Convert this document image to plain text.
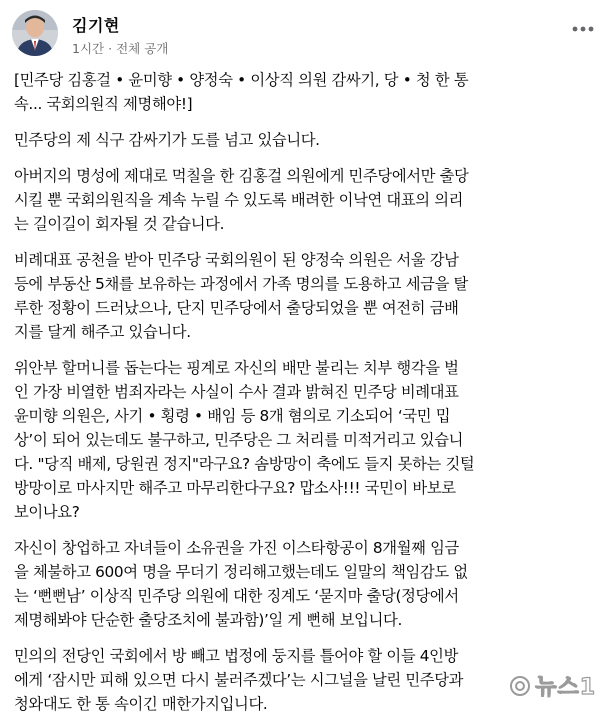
김기현
1시간 · 전체 공개

[민주당 김홍걸 • 윤미향 • 양정숙 • 이상직 의원 감싸기, 당 • 청 한 통
속... 국회의원직 제명해야!]

민주당의 제 식구 감싸기가 도를 넘고 있습니다.

아버지의 명성에 제대로 먹칠을 한 김홍걸 의원에게 민주당에서만 출당
시킬 뿐 국회의원직을 계속 누릴 수 있도록 배려한 이낙연 대표의 의리
는 길이길이 회자될 것 같습니다.

비례대표 공천을 받아 민주당 국회의원이 된 양정숙 의원은 서울 강남
등에 부동산 5채를 보유하는 과정에서 가족 명의를 도용하고 세금을 탈
루한 정황이 드러났으나, 단지 민주당에서 출당되었을 뿐 여전히 금배
지를 달게 해주고 있습니다.

위안부 할머니를 돕는다는 핑계로 자신의 배만 불리는 치부 행각을 벌
인 가장 비열한 범죄자라는 사실이 수사 결과 밝혀진 민주당 비례대표
윤미향 의원은, 사기 • 횡령 • 배임 등 8개 혐의로 기소되어 ‘국민 밉
상’이 되어 있는데도 불구하고, 민주당은 그 처리를 미적거리고 있습니
다. "당직 배제, 당원권 정지"라구요? 솜방망이 축에도 들지 못하는 깃털
방망이로 마사지만 해주고 마무리한다구요? 맙소사!!! 국민이 바보로
보이나요?

자신이 창업하고 자녀들이 소유권을 가진 이스타항공이 8개월째 임금
을 체불하고 600여 명을 무더기 정리해고했는데도 일말의 책임감도 없
는 ‘뻔뻔남’ 이상직 민주당 의원에 대한 징계도 ‘묻지마 출당(정당에서
제명해봐야 단순한 출당조치에 불과함)’일 게 뻔해 보입니다.

민의의 전당인 국회에서 방 빼고 법정에 둥지를 틀어야 할 이들 4인방
에게 ‘잠시만 피해 있으면 다시 불러주겠다’는 시그널을 날린 민주당과
청와대도 한 통 속이긴 매한가지입니다.

뉴스1
